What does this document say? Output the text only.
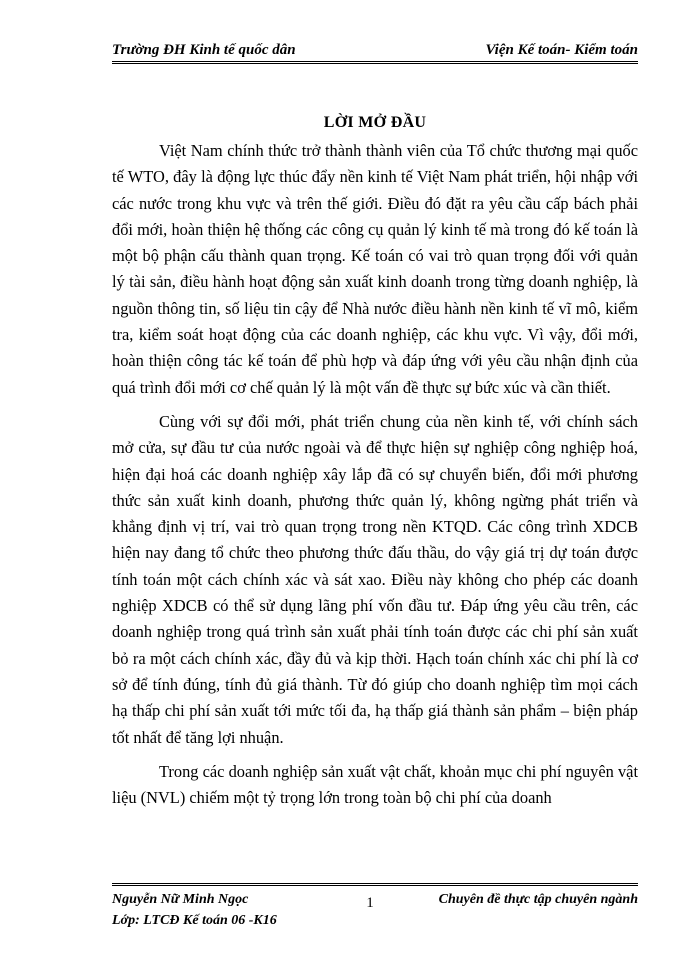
Trường ĐH Kinh tế quốc dân	Viện Kế toán- Kiểm toán
LỜI MỞ ĐẦU

Việt Nam chính thức trở thành thành viên của Tổ chức thương mại quốc tế WTO, đây là động lực thúc đẩy nền kinh tế Việt Nam phát triển, hội nhập với các nước trong khu vực và trên thế giới. Điều đó đặt ra yêu cầu cấp bách phải đổi mới, hoàn thiện hệ thống các công cụ quản lý kinh tế mà trong đó kế toán là một bộ phận cấu thành quan trọng. Kế toán có vai trò quan trọng đối với quản lý tài sản, điều hành hoạt động sản xuất kinh doanh trong từng doanh nghiệp, là nguồn thông tin, số liệu tin cậy để Nhà nước điều hành nền kinh tế vĩ mô, kiểm tra, kiểm soát hoạt động của các doanh nghiệp, các khu vực. Vì vậy, đổi mới, hoàn thiện công tác kế toán để phù hợp và đáp ứng với yêu cầu nhận định của quá trình đổi mới cơ chế quản lý là một vấn đề thực sự bức xúc và cần thiết.

Cùng với sự đổi mới, phát triển chung của nền kinh tế, với chính sách mở cửa, sự đầu tư của nước ngoài và để thực hiện sự nghiệp công nghiệp hoá, hiện đại hoá các doanh nghiệp xây lắp đã có sự chuyển biến, đổi mới phương thức sản xuất kinh doanh, phương thức quản lý, không ngừng phát triển và khẳng định vị trí, vai trò quan trọng trong nền KTQD. Các công trình XDCB hiện nay đang tổ chức theo phương thức đấu thầu, do vậy giá trị dự toán được tính toán một cách chính xác và sát xao. Điều này không cho phép các doanh nghiệp XDCB có thể sử dụng lãng phí vốn đầu tư. Đáp ứng yêu cầu trên, các doanh nghiệp trong quá trình sản xuất phải tính toán được các chi phí sản xuất bỏ ra một cách chính xác, đầy đủ và kịp thời. Hạch toán chính xác chi phí là cơ sở để tính đúng, tính đủ giá thành. Từ đó giúp cho doanh nghiệp tìm mọi cách hạ thấp chi phí sản xuất tới mức tối đa, hạ thấp giá thành sản phẩm – biện pháp tốt nhất để tăng lợi nhuận.

Trong các doanh nghiệp sản xuất vật chất, khoản mục chi phí nguyên vật liệu (NVL) chiếm một tỷ trọng lớn trong toàn bộ chi phí của doanh

Nguyễn Nữ Minh Ngọc
Lớp: LTCĐ Kế toán 06 -K16
1	Chuyên đề thực tập chuyên ngành
